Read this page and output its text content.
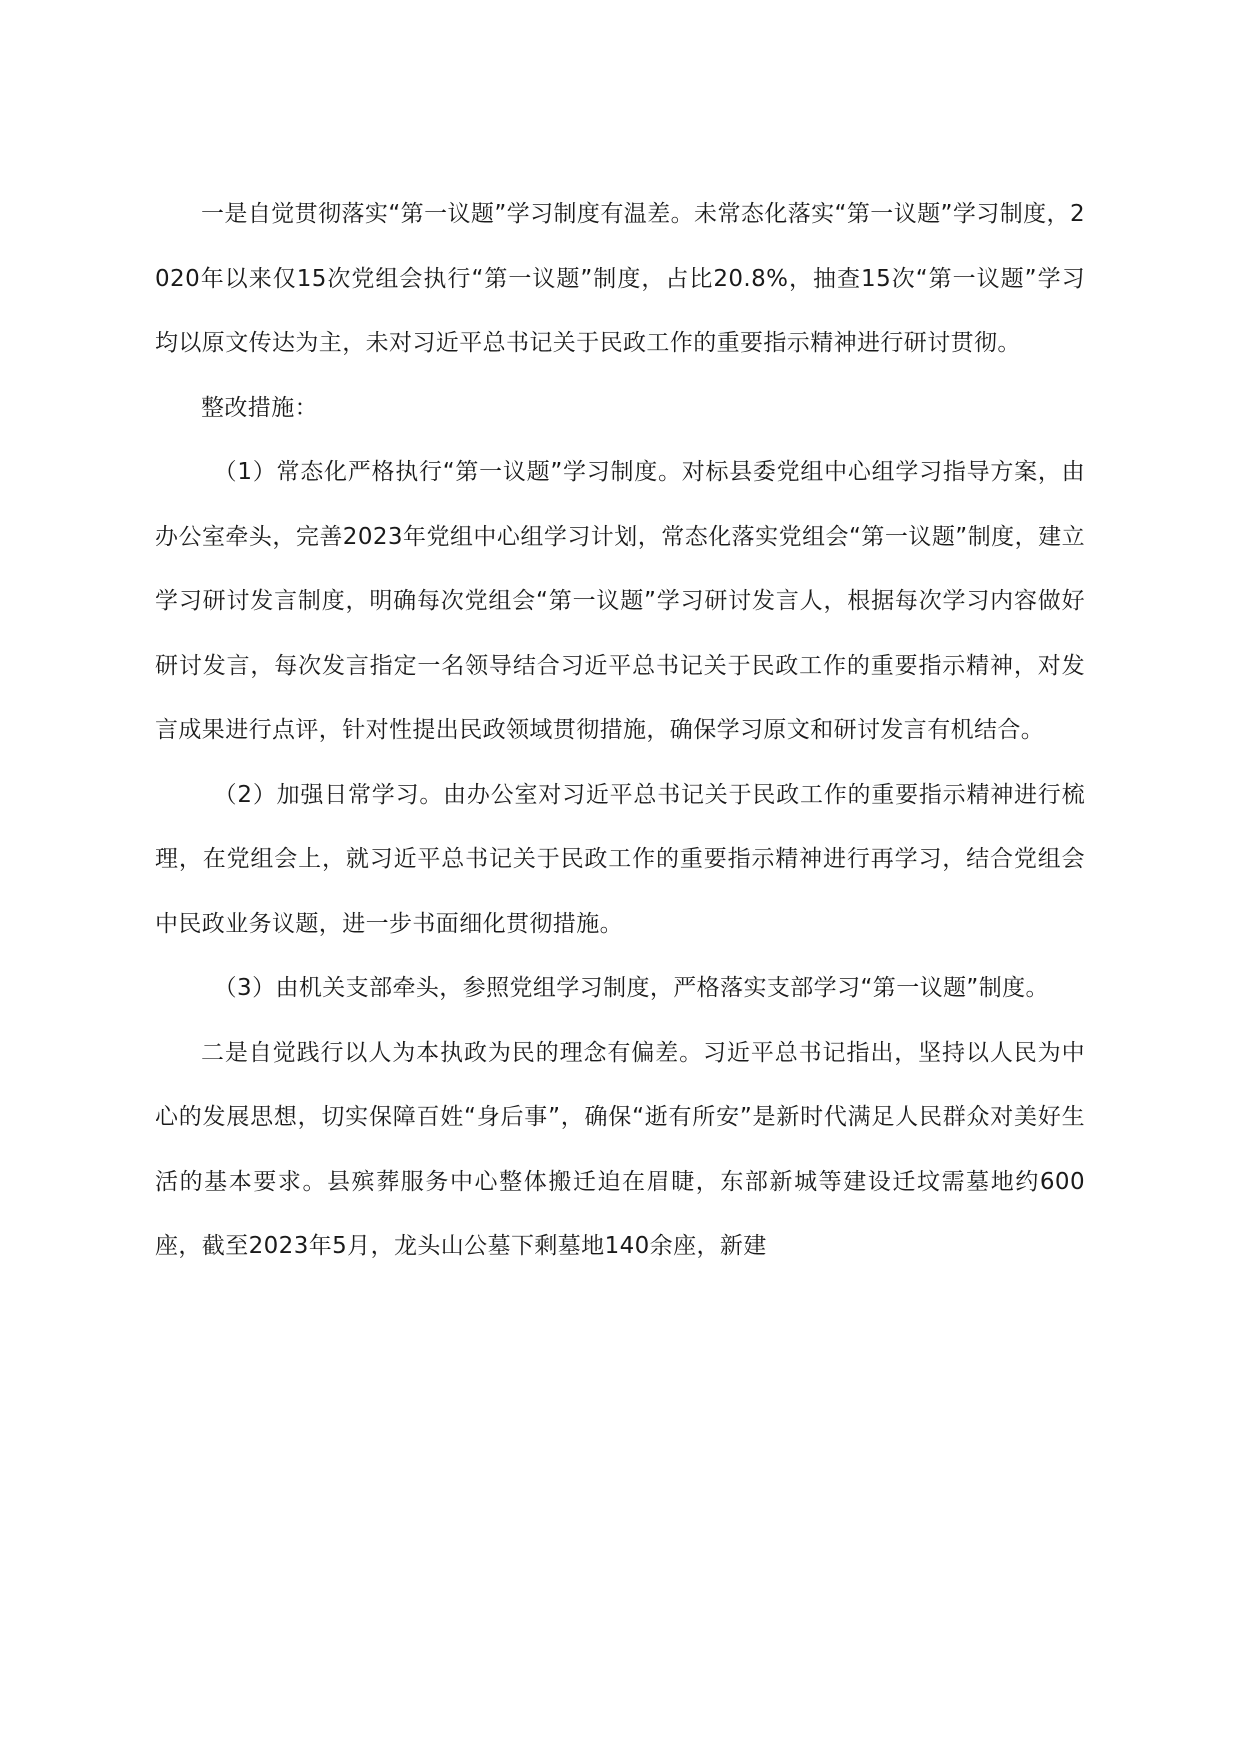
一是自觉贯彻落实“第一议题”学习制度有温差。未常态化落实“第一议题”学习制度，2020年以来仅15次党组会执行“第一议题”制度，占比20.8%，抽查15次“第一议题”学习均以原文传达为主，未对习近平总书记关于民政工作的重要指示精神进行研讨贯彻。

整改措施：

（1）常态化严格执行“第一议题”学习制度。对标县委党组中心组学习指导方案，由办公室牵头，完善2023年党组中心组学习计划，常态化落实党组会“第一议题”制度，建立学习研讨发言制度，明确每次党组会“第一议题”学习研讨发言人，根据每次学习内容做好研讨发言，每次发言指定一名领导结合习近平总书记关于民政工作的重要指示精神，对发言成果进行点评，针对性提出民政领域贯彻措施，确保学习原文和研讨发言有机结合。

（2）加强日常学习。由办公室对习近平总书记关于民政工作的重要指示精神进行梳理，在党组会上，就习近平总书记关于民政工作的重要指示精神进行再学习，结合党组会中民政业务议题，进一步书面细化贯彻措施。

（3）由机关支部牵头，参照党组学习制度，严格落实支部学习“第一议题”制度。

二是自觉践行以人为本执政为民的理念有偏差。习近平总书记指出，坚持以人民为中心的发展思想，切实保障百姓“身后事”，确保“逝有所安”是新时代满足人民群众对美好生活的基本要求。县殡葬服务中心整体搬迁迫在眉睫，东部新城等建设迁坟需墓地约600座，截至2023年5月，龙头山公墓下剩墓地140余座，新建
